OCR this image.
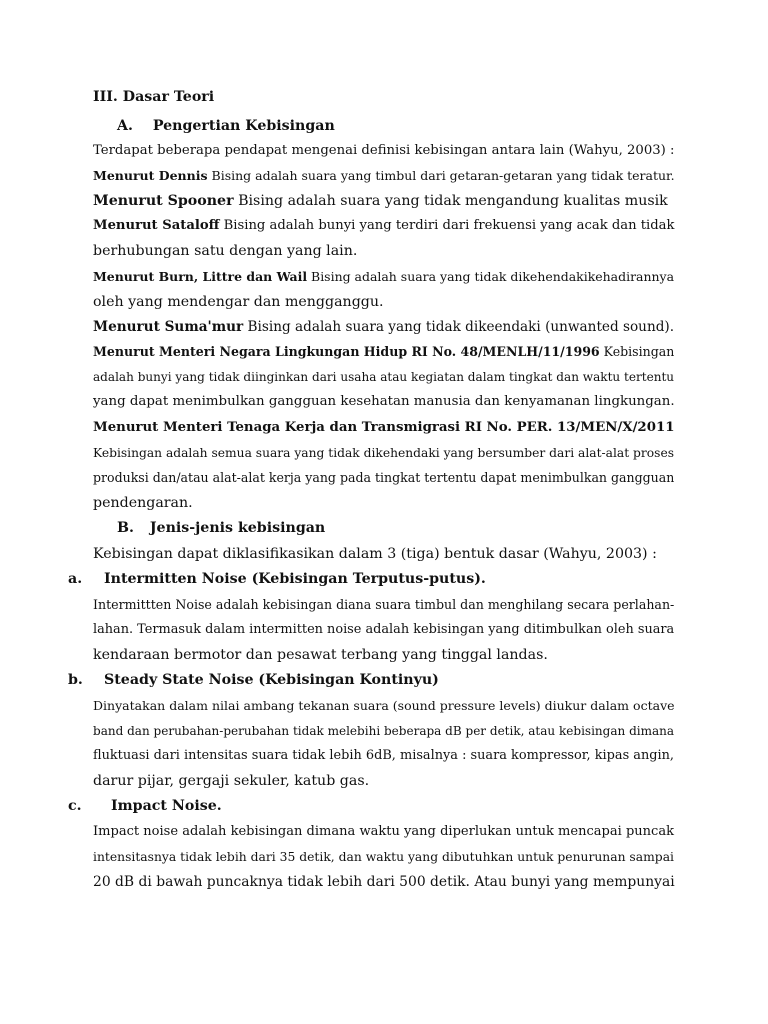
III. Dasar Teori
A. Pengertian Kebisingan
Terdapat beberapa pendapat mengenai definisi kebisingan antara lain (Wahyu, 2003) :
Menurut Dennis Bising adalah suara yang timbul dari getaran-getaran yang tidak teratur.
Menurut Spooner Bising adalah suara yang tidak mengandung kualitas musik
Menurut Sataloff Bising adalah bunyi yang terdiri dari frekuensi yang acak dan tidak
berhubungan satu dengan yang lain.
Menurut Burn, Littre dan Wail Bising adalah suara yang tidak dikehendakikehadirannya
oleh yang mendengar dan mengganggu.
Menurut Suma'mur Bising adalah suara yang tidak dikeendaki (unwanted sound).
Menurut Menteri Negara Lingkungan Hidup RI No. 48/MENLH/11/1996 Kebisingan
adalah bunyi yang tidak diinginkan dari usaha atau kegiatan dalam tingkat dan waktu tertentu
yang dapat menimbulkan gangguan kesehatan manusia dan kenyamanan lingkungan.
Menurut Menteri Tenaga Kerja dan Transmigrasi RI No. PER. 13/MEN/X/2011
Kebisingan adalah semua suara yang tidak dikehendaki yang bersumber dari alat-alat proses
produksi dan/atau alat-alat kerja yang pada tingkat tertentu dapat menimbulkan gangguan
pendengaran.
B. Jenis-jenis kebisingan
Kebisingan dapat diklasifikasikan dalam 3 (tiga) bentuk dasar (Wahyu, 2003) :
a.	Intermitten Noise (Kebisingan Terputus-putus).
Intermittten Noise adalah kebisingan diana suara timbul dan menghilang secara perlahan-
lahan. Termasuk dalam intermitten noise adalah kebisingan yang ditimbulkan oleh suara
kendaraan bermotor dan pesawat terbang yang tinggal landas.
b.	Steady State Noise (Kebisingan Kontinyu)
Dinyatakan dalam nilai ambang tekanan suara (sound pressure levels) diukur dalam octave
band dan perubahan-perubahan tidak melebihi beberapa dB per detik, atau kebisingan dimana
fluktuasi dari intensitas suara tidak lebih 6dB, misalnya : suara kompressor, kipas angin,
darur pijar, gergaji sekuler, katub gas.
c.	Impact Noise.
Impact noise adalah kebisingan dimana waktu yang diperlukan untuk mencapai puncak
intensitasnya tidak lebih dari 35 detik, dan waktu yang dibutuhkan untuk penurunan sampai
20 dB di bawah puncaknya tidak lebih dari 500 detik. Atau bunyi yang mempunyai
